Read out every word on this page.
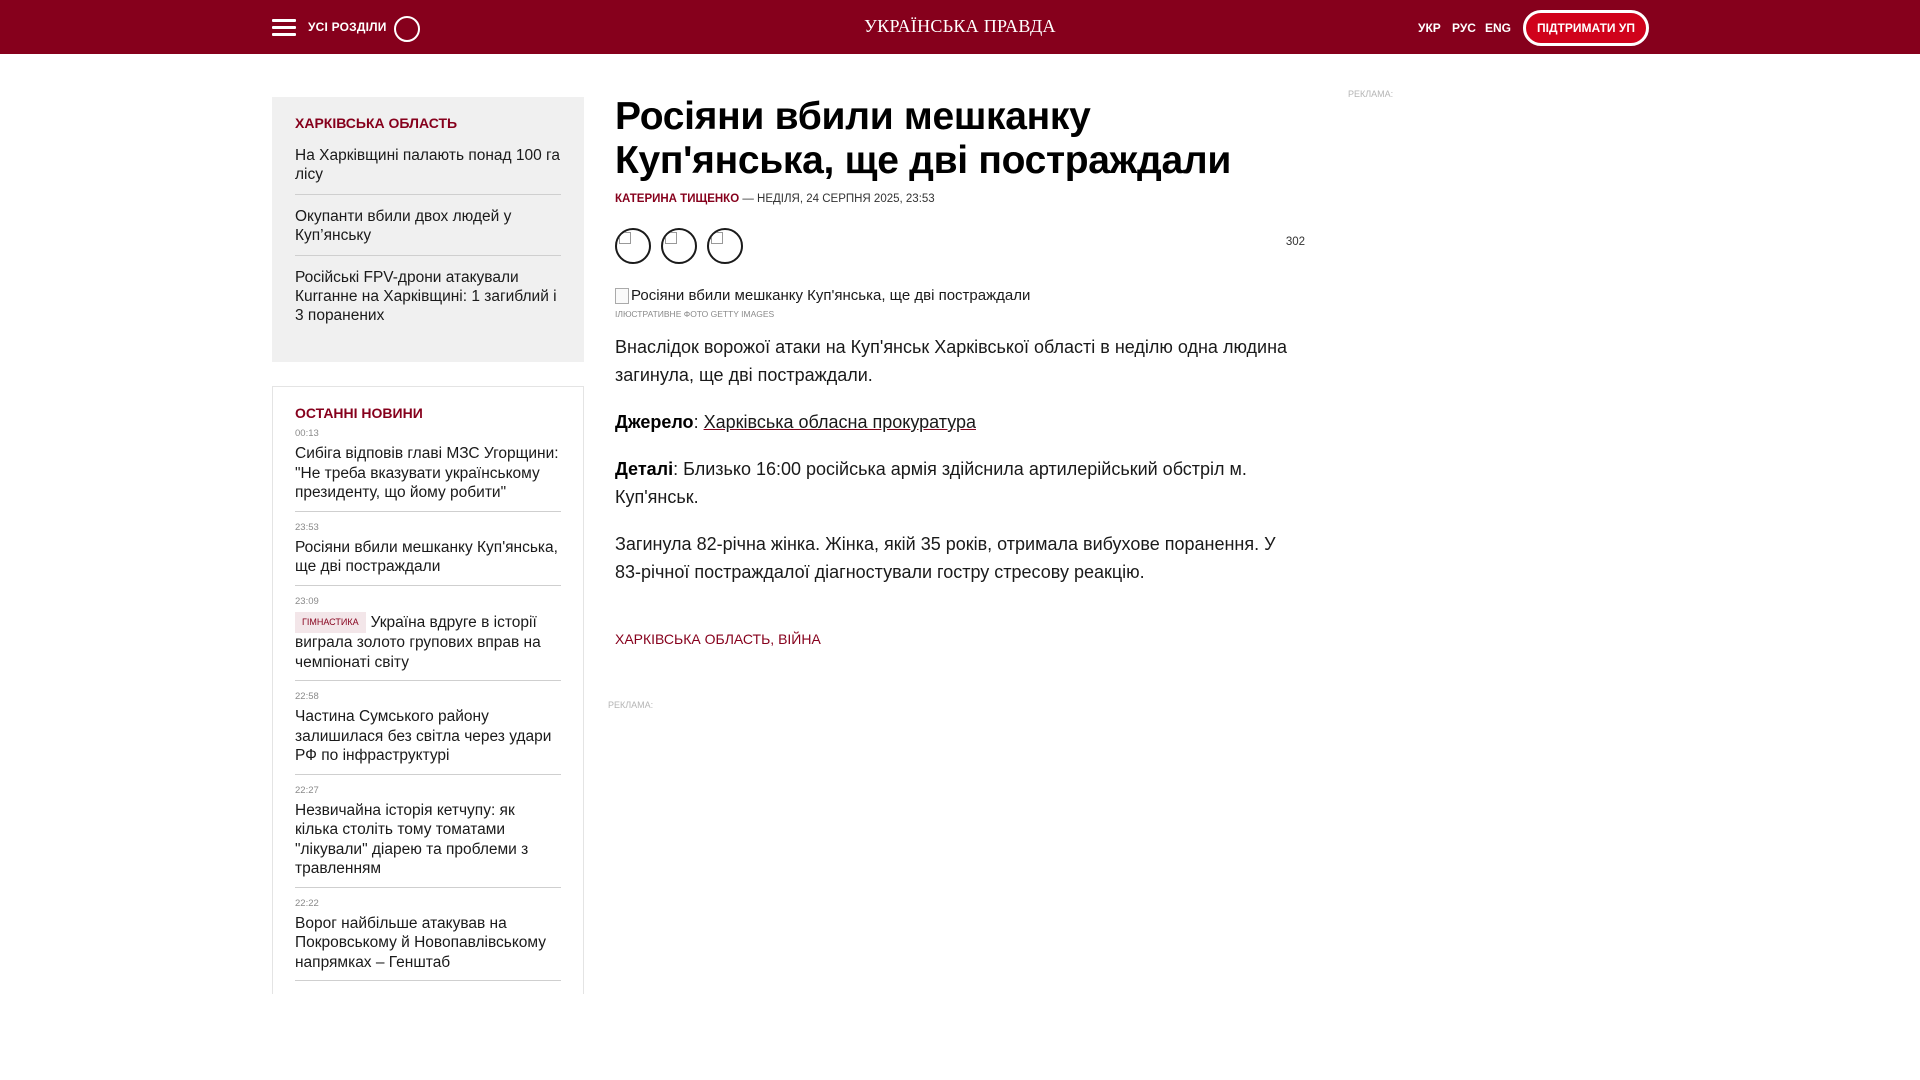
УСІ РОЗДІЛИ	УКРАЇНСЬКА ПРАВДА	УКР РУС ENG	ПІДТРИМАТИ УП
ХАРКІВСЬКА ОБЛАСТЬ
На Харківщині палають понад 100 га лісу
Окупанти вбили двох людей у Куп’янську
Російські FPV-дрони атакували Кurганне на Харківщині: 1 загиблий і 3 поранених
ОСТАННІ НОВИНИ
00:13
Сибіга відповів главі МЗС Угорщини: "Не треба вказувати українському президенту, що йому робити"
23:53
Росіяни вбили мешканку Куп'янська, ще дві постраждали
23:09
ГІМНАСТИКА Україна вдруге в історії виграла золото групових вправ на чемпіонаті світу
22:58
Частина Сумського району залишилася без світла через удари РФ по інфраструктурі
22:27
Незвичайна історія кетчупу: як кілька століть тому томатами "лікували" діарею та проблеми з травленням
22:22
Ворог найбільше атакував на Покровському й Новопавлівському напрямках – Генштаб
Росіяни вбили мешканку Куп'янська, ще дві постраждали
КАТЕРИНА ТИЩЕНКО — НЕДІЛЯ, 24 СЕРПНЯ 2025, 23:53
302
Росіяни вбили мешканку Куп'янська, ще дві постраждали
ІЛЮСТРАТИВНЕ ФОТО GETTY IMAGES

Внаслідок ворожої атаки на Куп'янськ Харківської області в неділю одна людина загинула, ще дві постраждали.

Джерело: Харківська обласна прокуратура

Деталі: Близько 16:00 російська армія здійснила артилерійський обстріл м. Куп'янськ.

Загинула 82-річна жінка. Жінка, якій 35 років, отримала вибухове поранення. У 83-річної постраждалої діагностували гостру стресову реакцію.

ХАРКІВСЬКА ОБЛАСТЬ, ВІЙНА
РЕКЛАМА:
РЕКЛАМА:
